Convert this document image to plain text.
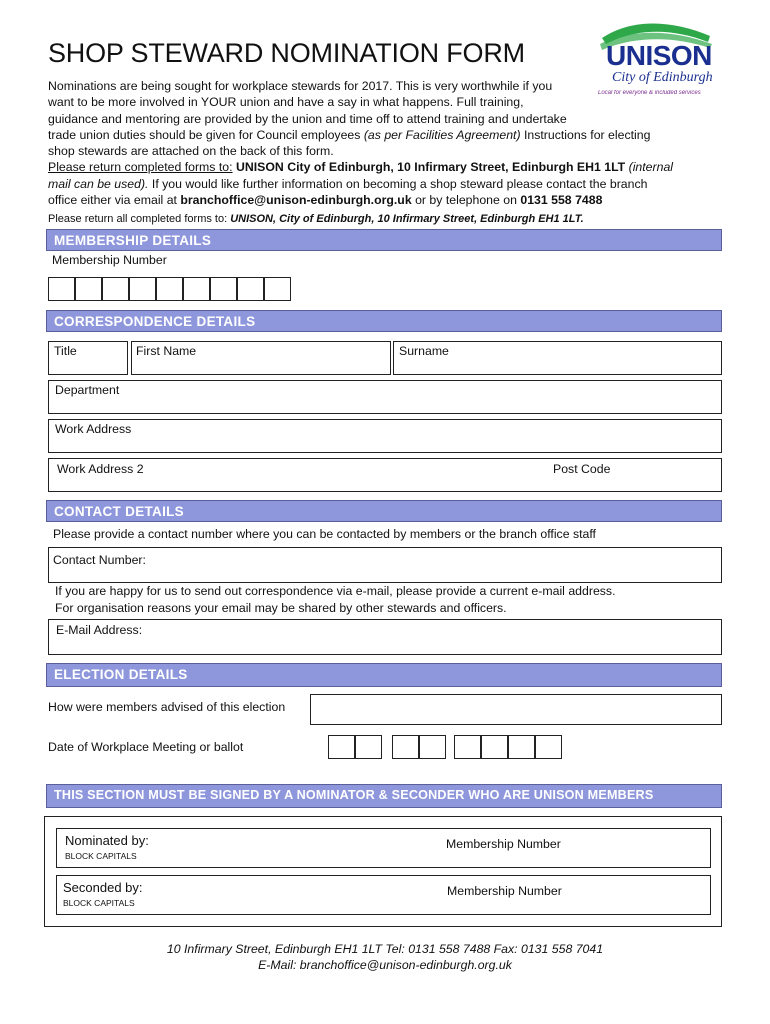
SHOP STEWARD NOMINATION FORM	UNISON
City of Edinburgh
Local for everyone & included services
Nominations are being sought for workplace stewards for 2017. This is very worthwhile if you
want to be more involved in YOUR union and have a say in what happens. Full training,
guidance and mentoring are provided by the union and time off to attend training and undertake
trade union duties should be given for Council employees (as per Facilities Agreement) Instructions for electing
shop stewards are attached on the back of this form.
Please return completed forms to: UNISON City of Edinburgh, 10 Infirmary Street, Edinburgh EH1 1LT (internal
mail can be used). If you would like further information on becoming a shop steward please contact the branch
office either via email at branchoffice@unison-edinburgh.org.uk or by telephone on 0131 558 7488
Please return all completed forms to: UNISON, City of Edinburgh, 10 Infirmary Street, Edinburgh EH1 1LT.
MEMBERSHIP DETAILS
Membership Number
CORRESPONDENCE DETAILS
Title	First Name	Surname
Department
Work Address
Work Address 2	Post Code
CONTACT DETAILS
Please provide a contact number where you can be contacted by members or the branch office staff
Contact Number:
If you are happy for us to send out correspondence via e-mail, please provide a current e-mail address.
For organisation reasons your email may be shared by other stewards and officers.
E-Mail Address:
ELECTION DETAILS
How were members advised of this election
Date of Workplace Meeting or ballot
THIS SECTION MUST BE SIGNED BY A NOMINATOR & SECONDER WHO ARE UNISON MEMBERS
Nominated by:
BLOCK CAPITALS
Membership Number
Seconded by:
BLOCK CAPITALS
Membership Number
10 Infirmary Street, Edinburgh EH1 1LT Tel: 0131 558 7488 Fax: 0131 558 7041
E-Mail: branchoffice@unison-edinburgh.org.uk
